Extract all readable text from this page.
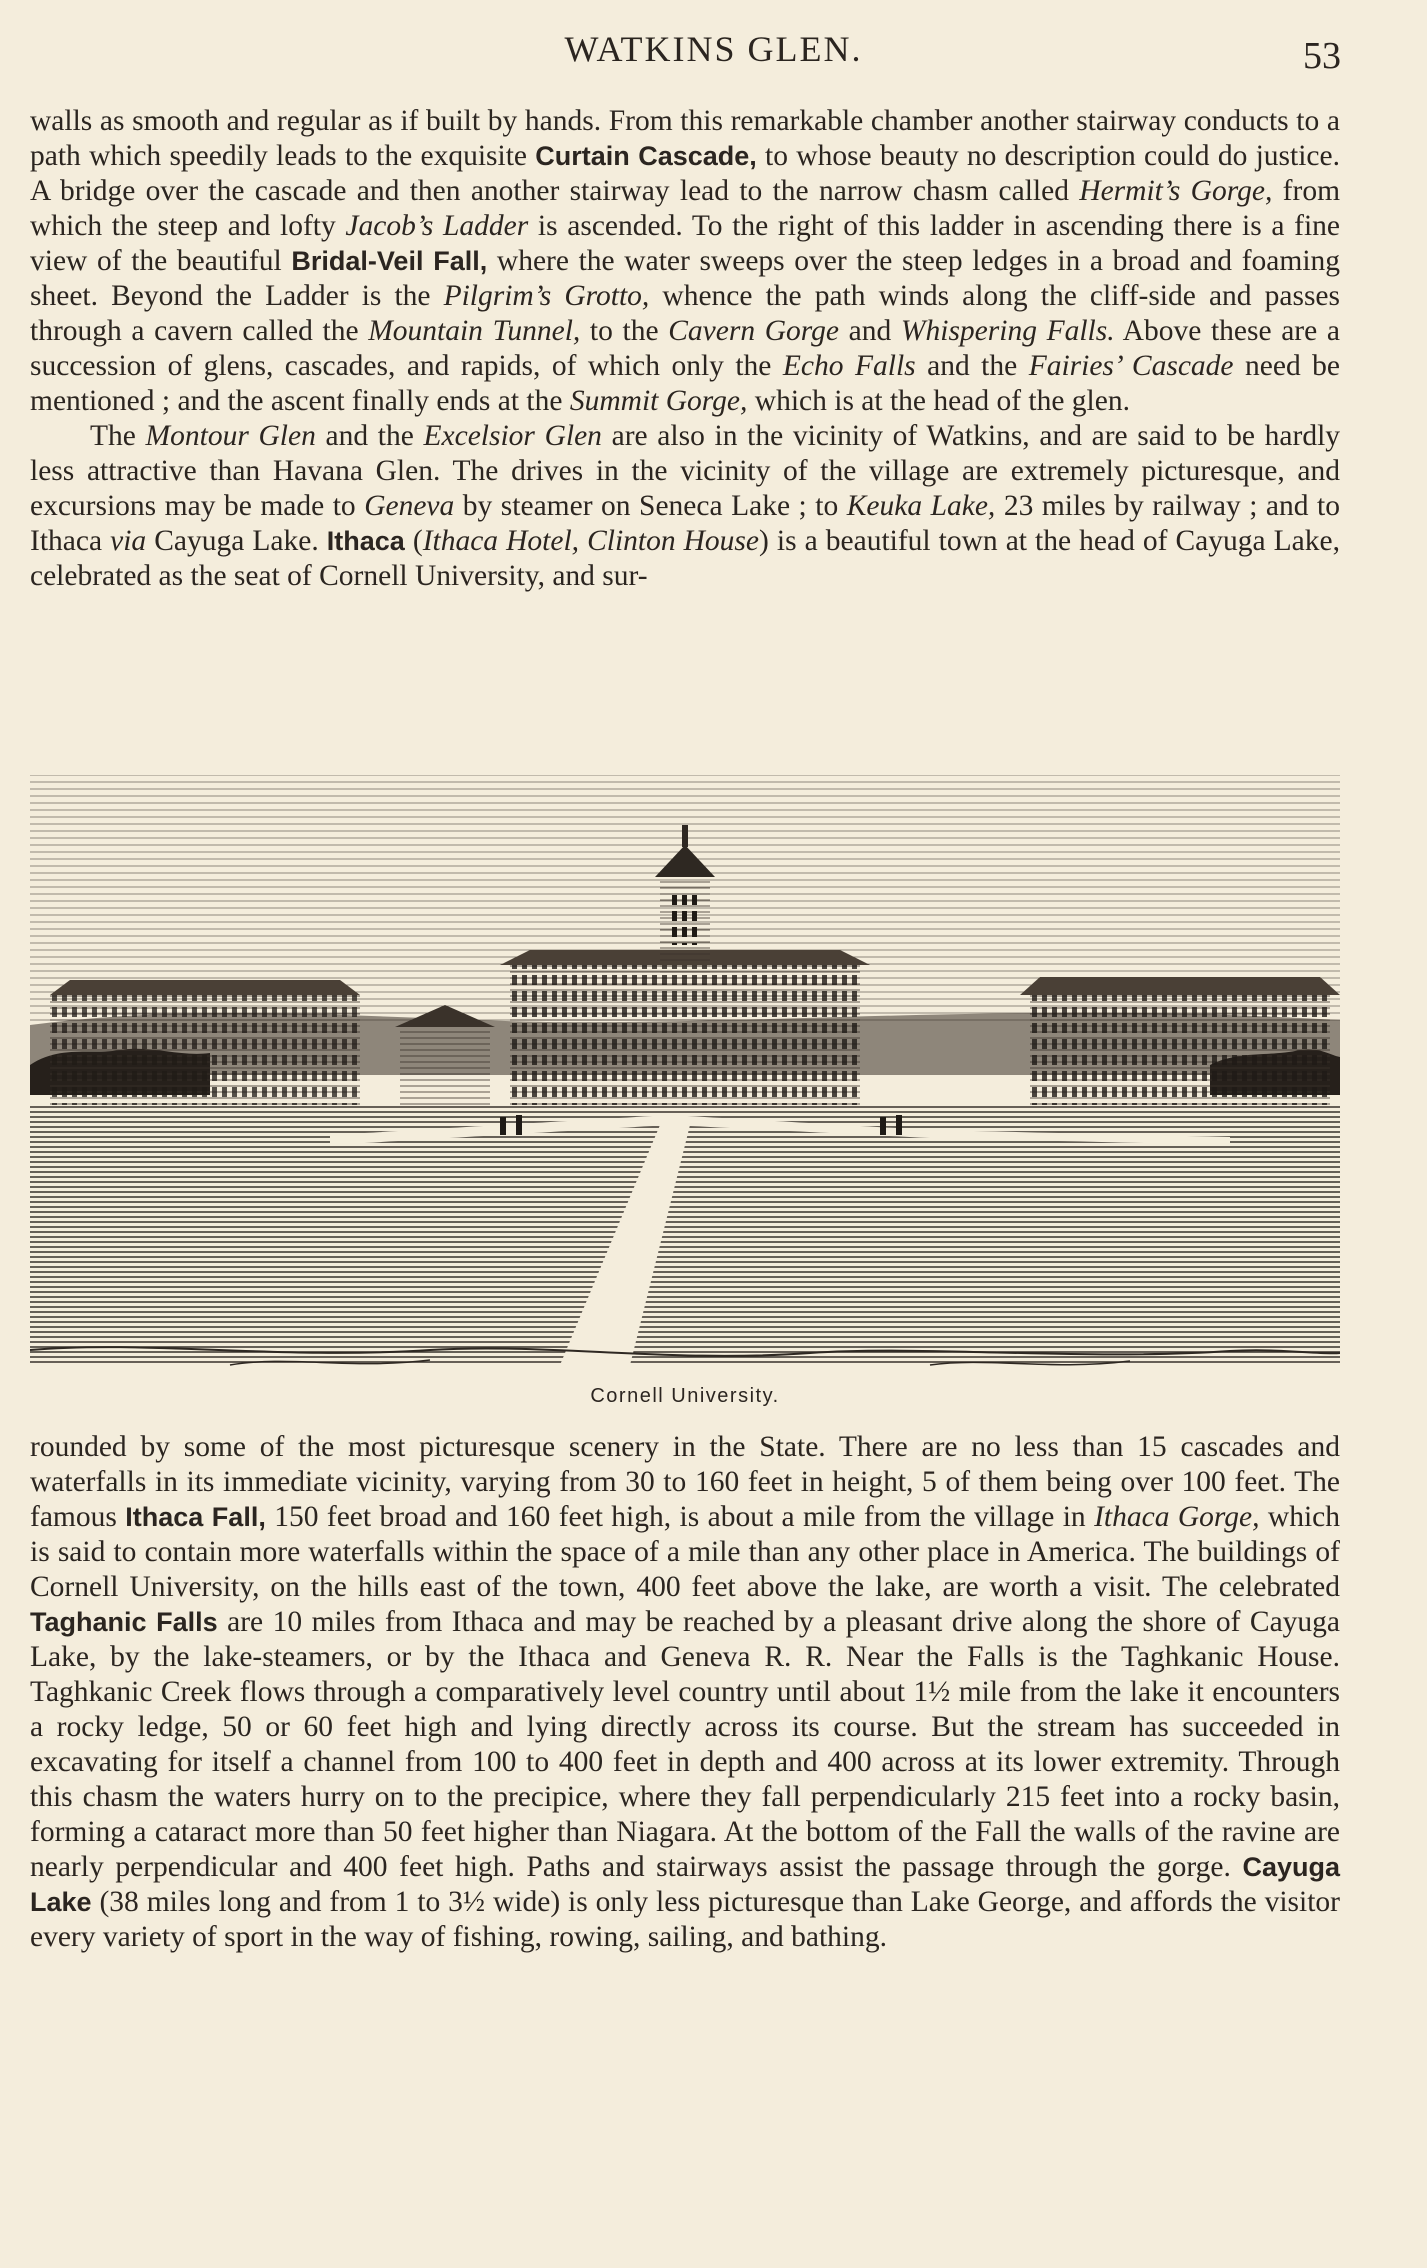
WATKINS GLEN.	53

walls as smooth and regular as if built by hands. From this remarkable chamber another stairway conducts to a path which speedily leads to the exquisite Curtain Cascade, to whose beauty no description could do justice. A bridge over the cascade and then another stairway lead to the narrow chasm called Hermit’s Gorge, from which the steep and lofty Jacob’s Ladder is ascended. To the right of this ladder in ascending there is a fine view of the beautiful Bridal-Veil Fall, where the water sweeps over the steep ledges in a broad and foaming sheet. Beyond the Ladder is the Pilgrim’s Grotto, whence the path winds along the cliff-side and passes through a cavern called the Mountain Tunnel, to the Cavern Gorge and Whispering Falls. Above these are a succession of glens, cascades, and rapids, of which only the Echo Falls and the Fairies’ Cascade need be mentioned ; and the ascent finally ends at the Summit Gorge, which is at the head of the glen.

The Montour Glen and the Excelsior Glen are also in the vicinity of Watkins, and are said to be hardly less attractive than Havana Glen. The drives in the vicinity of the village are extremely picturesque, and excursions may be made to Geneva by steamer on Seneca Lake ; to Keuka Lake, 23 miles by railway ; and to Ithaca via Cayuga Lake. Ithaca (Ithaca Hotel, Clinton House) is a beautiful town at the head of Cayuga Lake, celebrated as the seat of Cornell University, and sur-

Cornell University.

rounded by some of the most picturesque scenery in the State. There are no less than 15 cascades and waterfalls in its immediate vicinity, varying from 30 to 160 feet in height, 5 of them being over 100 feet. The famous Ithaca Fall, 150 feet broad and 160 feet high, is about a mile from the village in Ithaca Gorge, which is said to contain more waterfalls within the space of a mile than any other place in America. The buildings of Cornell University, on the hills east of the town, 400 feet above the lake, are worth a visit. The celebrated Taghanic Falls are 10 miles from Ithaca and may be reached by a pleasant drive along the shore of Cayuga Lake, by the lake-steamers, or by the Ithaca and Geneva R. R. Near the Falls is the Taghkanic House. Taghkanic Creek flows through a comparatively level country until about 1½ mile from the lake it encounters a rocky ledge, 50 or 60 feet high and lying directly across its course. But the stream has succeeded in excavating for itself a channel from 100 to 400 feet in depth and 400 across at its lower extremity. Through this chasm the waters hurry on to the precipice, where they fall perpendicularly 215 feet into a rocky basin, forming a cataract more than 50 feet higher than Niagara. At the bottom of the Fall the walls of the ravine are nearly perpendicular and 400 feet high. Paths and stairways assist the passage through the gorge. Cayuga Lake (38 miles long and from 1 to 3½ wide) is only less picturesque than Lake George, and affords the visitor every variety of sport in the way of fishing, rowing, sailing, and bathing.
